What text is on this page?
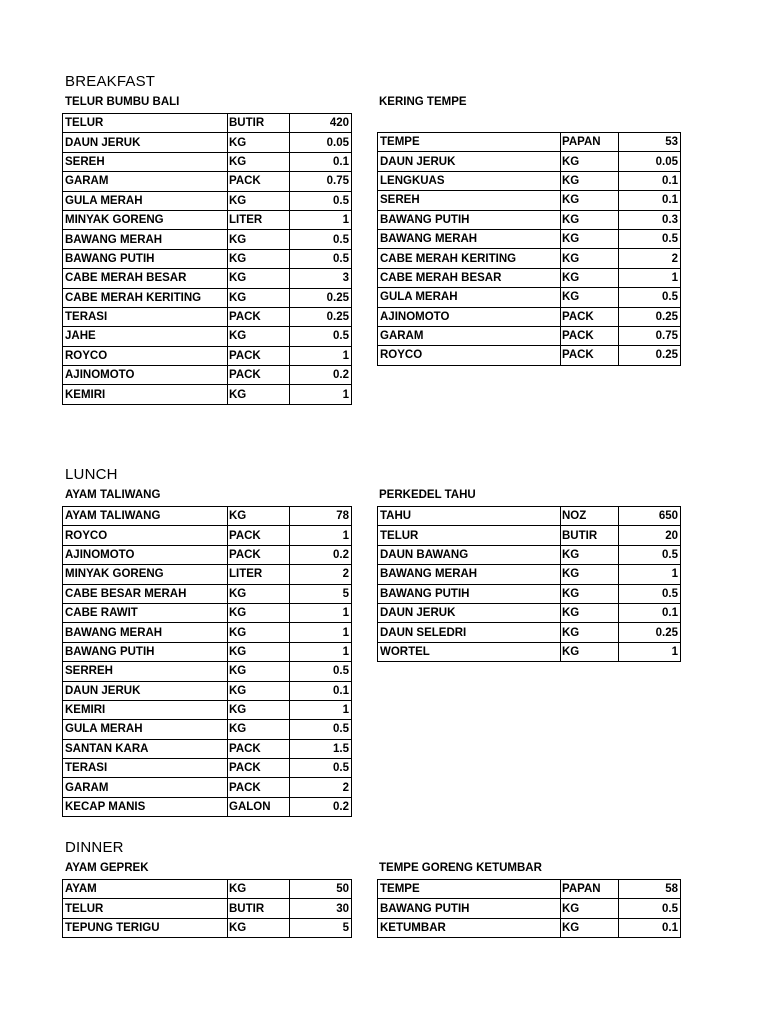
BREAKFAST
TELUR BUMBU BALI	KERING TEMPE
TELUR	BUTIR	420
DAUN JERUK	KG	0.05
SEREH	KG	0.1
GARAM	PACK	0.75
GULA MERAH	KG	0.5
MINYAK GORENG	LITER	1
BAWANG MERAH	KG	0.5
BAWANG PUTIH	KG	0.5
CABE MERAH BESAR	KG	3
CABE MERAH KERITING	KG	0.25
TERASI	PACK	0.25
JAHE	KG	0.5
ROYCO	PACK	1
AJINOMOTO	PACK	0.2
KEMIRI	KG	1
TEMPE	PAPAN	53
DAUN JERUK	KG	0.05
LENGKUAS	KG	0.1
SEREH	KG	0.1
BAWANG PUTIH	KG	0.3
BAWANG MERAH	KG	0.5
CABE MERAH KERITING	KG	2
CABE MERAH BESAR	KG	1
GULA MERAH	KG	0.5
AJINOMOTO	PACK	0.25
GARAM	PACK	0.75
ROYCO	PACK	0.25
LUNCH
AYAM TALIWANG	PERKEDEL TAHU
AYAM TALIWANG	KG	78
ROYCO	PACK	1
AJINOMOTO	PACK	0.2
MINYAK GORENG	LITER	2
CABE BESAR MERAH	KG	5
CABE RAWIT	KG	1
BAWANG MERAH	KG	1
BAWANG PUTIH	KG	1
SERREH	KG	0.5
DAUN JERUK	KG	0.1
KEMIRI	KG	1
GULA MERAH	KG	0.5
SANTAN KARA	PACK	1.5
TERASI	PACK	0.5
GARAM	PACK	2
KECAP MANIS	GALON	0.2
TAHU	NOZ	650
TELUR	BUTIR	20
DAUN BAWANG	KG	0.5
BAWANG MERAH	KG	1
BAWANG PUTIH	KG	0.5
DAUN JERUK	KG	0.1
DAUN SELEDRI	KG	0.25
WORTEL	KG	1
DINNER
AYAM GEPREK	TEMPE GORENG KETUMBAR
AYAM	KG	50
TELUR	BUTIR	30
TEPUNG TERIGU	KG	5
TEMPE	PAPAN	58
BAWANG PUTIH	KG	0.5
KETUMBAR	KG	0.1
